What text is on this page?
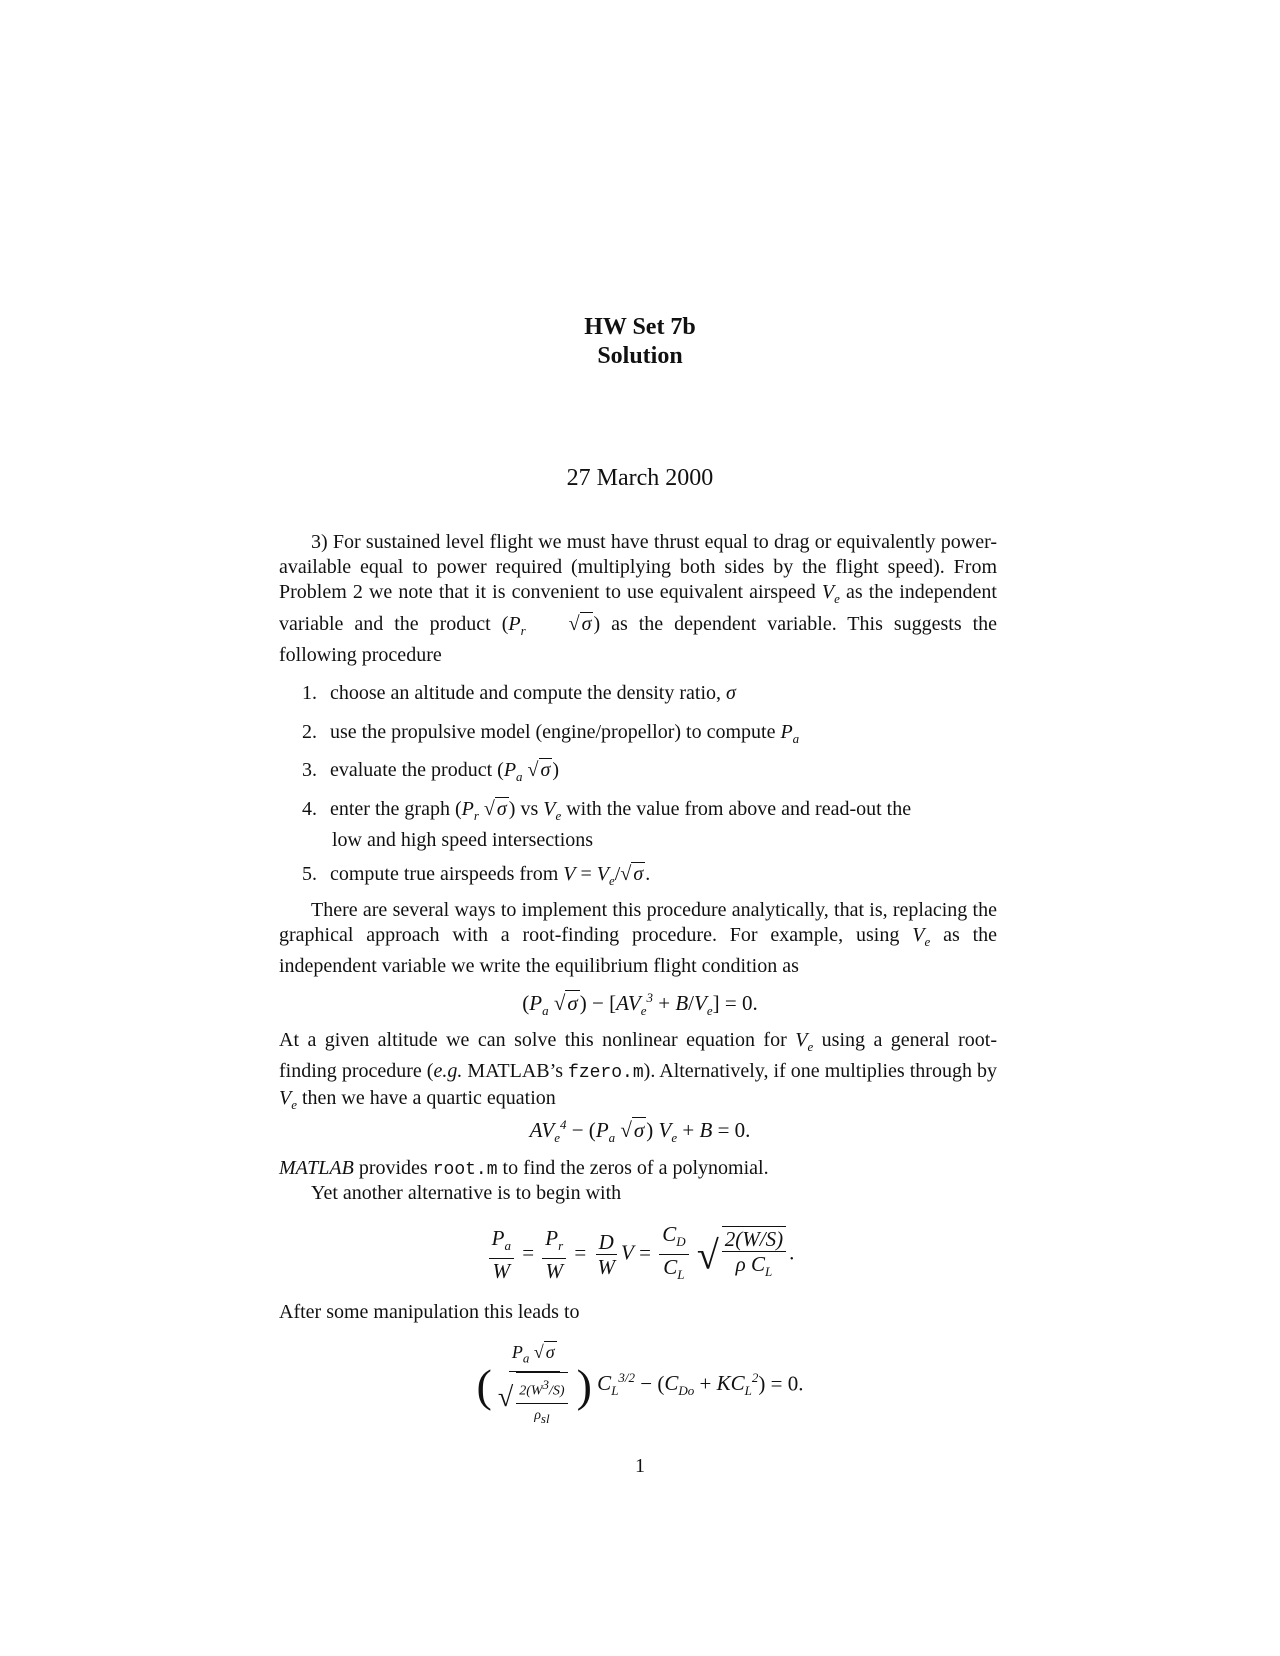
HW Set 7b
Solution
27 March 2000
3) For sustained level flight we must have thrust equal to drag or equivalently power-available equal to power required (multiplying both sides by the flight speed). From Problem 2 we note that it is convenient to use equivalent airspeed $V_e$ as the independent variable and the product ($P_r$ √ σ ) as the dependent variable. This suggests the following procedure
1. choose an altitude and compute the density ratio, σ
2. use the propulsive model (engine/propellor) to compute $P_a$
3. evaluate the product ($P_a$ √ σ )
4. enter the graph ($P_r$ √ σ ) vs $V_e$ with the value from above and read-out the
low and high speed intersections
5. compute true airspeeds from $V = V_e/√$ σ .
There are several ways to implement this procedure analytically, that is, replacing the graphical approach with a root-finding procedure. For example, using $V_e$ as the independent variable we write the equilibrium flight condition as
($P_a$ $√\sigma) - [AV_e^3 + B/V_e] = 0$.
At a given altitude we can solve this nonlinear equation for $V_e$ using a general root-finding procedure (e.g. MATLAB’s fzero.m). Alternatively, if one multiplies through by $V_e$ then we have a quartic equation
$AV_e^4 - (P_a$ √σ) $V_e + B = 0$.
MATLAB provides root.m to find the zeros of a polynomial.
Yet another alternative is to begin with
$\frac{P_a}{W} = \frac{P_r}{W} = \frac{D}{W}$ $V = \frac{C_D}{C_L}$ √ $\frac{2(W/S)}{\rho C_L}$ .
After some manipulation this leads to
( $\frac{P_a √ \sigma}{√ \frac{2(W^3/S)}{\rho_{sl}}}$ ) $C_L^{3/2} - (C_{Do} + KC_L^2) = 0$.
1
